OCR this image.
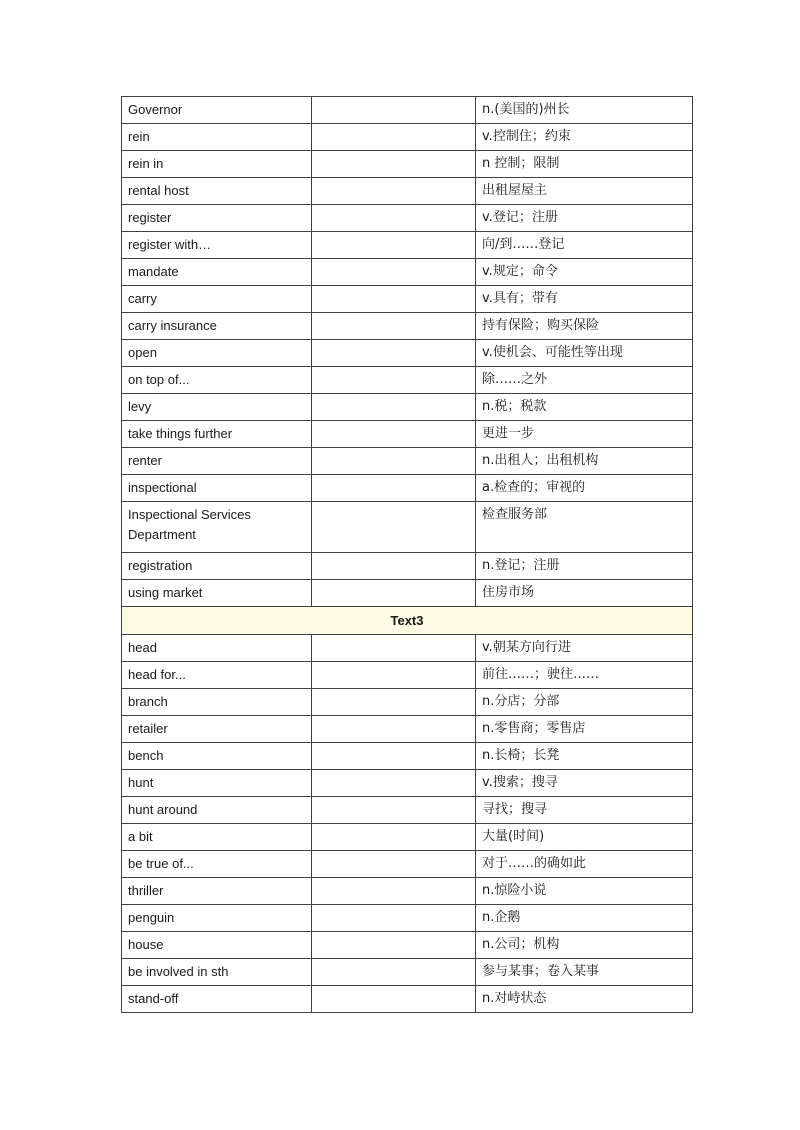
Governor		n.(美国的)州长
rein		v.控制住；约束
rein in		n 控制；限制
rental host		出租屋屋主
register		v.登记；注册
register with…		向/到……登记
mandate		v.规定；命令
carry		v.具有；带有
carry insurance		持有保险；购买保险
open		v.使机会、可能性等出现
on top of...		除……之外
levy		n.税；税款
take things further		更进一步
renter		n.出租人；出租机构
inspectional		a.检查的；审视的
Inspectional Services Department		检查服务部
registration		n.登记；注册
using market		住房市场
Text3		
head		v.朝某方向行进
head for...		前往……；驶往……
branch		n.分店；分部
retailer		n.零售商；零售店
bench		n.长椅；长凳
hunt		v.搜索；搜寻
hunt around		寻找；搜寻
a bit		大量(时间)
be true of...		对于……的确如此
thriller		n.惊险小说
penguin		n.企鹅
house		n.公司；机构
be involved in sth		参与某事；卷入某事
stand-off		n.对峙状态
